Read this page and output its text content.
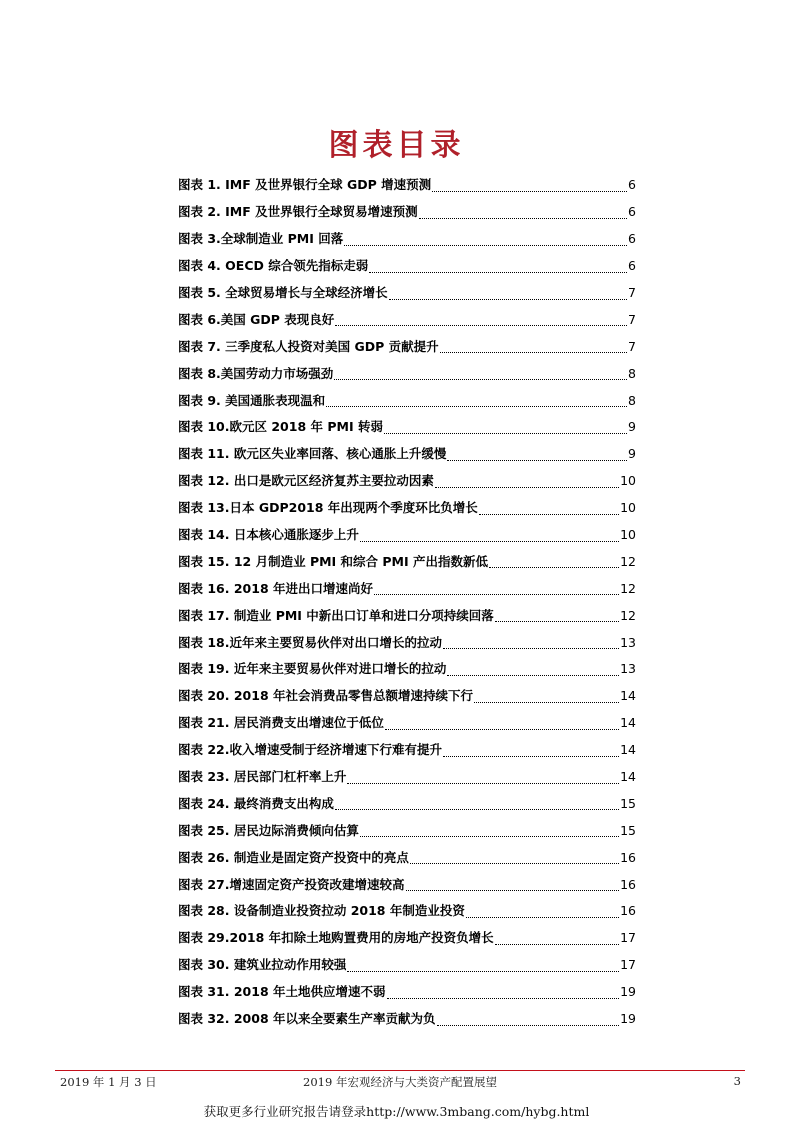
图表目录
图表 1. IMF 及世界银行全球 GDP 增速预测	6
图表 2. IMF 及世界银行全球贸易增速预测	6
图表 3.全球制造业 PMI 回落	6
图表 4. OECD 综合领先指标走弱	6
图表 5. 全球贸易增长与全球经济增长	7
图表 6.美国 GDP 表现良好	7
图表 7. 三季度私人投资对美国 GDP 贡献提升	7
图表 8.美国劳动力市场强劲	8
图表 9. 美国通胀表现温和	8
图表 10.欧元区 2018 年 PMI 转弱	9
图表 11. 欧元区失业率回落、核心通胀上升缓慢	9
图表 12. 出口是欧元区经济复苏主要拉动因素	10
图表 13.日本 GDP2018 年出现两个季度环比负增长	10
图表 14. 日本核心通胀逐步上升	10
图表 15. 12 月制造业 PMI 和综合 PMI 产出指数新低	12
图表 16. 2018 年进出口增速尚好	12
图表 17. 制造业 PMI 中新出口订单和进口分项持续回落	12
图表 18.近年来主要贸易伙伴对出口增长的拉动	13
图表 19. 近年来主要贸易伙伴对进口增长的拉动	13
图表 20. 2018 年社会消费品零售总额增速持续下行	14
图表 21. 居民消费支出增速位于低位	14
图表 22.收入增速受制于经济增速下行难有提升	14
图表 23. 居民部门杠杆率上升	14
图表 24. 最终消费支出构成	15
图表 25. 居民边际消费倾向估算	15
图表 26. 制造业是固定资产投资中的亮点	16
图表 27.增速固定资产投资改建增速较高	16
图表 28. 设备制造业投资拉动 2018 年制造业投资	16
图表 29.2018 年扣除土地购置费用的房地产投资负增长	17
图表 30. 建筑业拉动作用较强	17
图表 31. 2018 年土地供应增速不弱	19
图表 32. 2008 年以来全要素生产率贡献为负	19
2019 年 1 月 3 日	2019 年宏观经济与大类资产配置展望	3
获取更多行业研究报告请登录http://www.3mbang.com/hybg.html
